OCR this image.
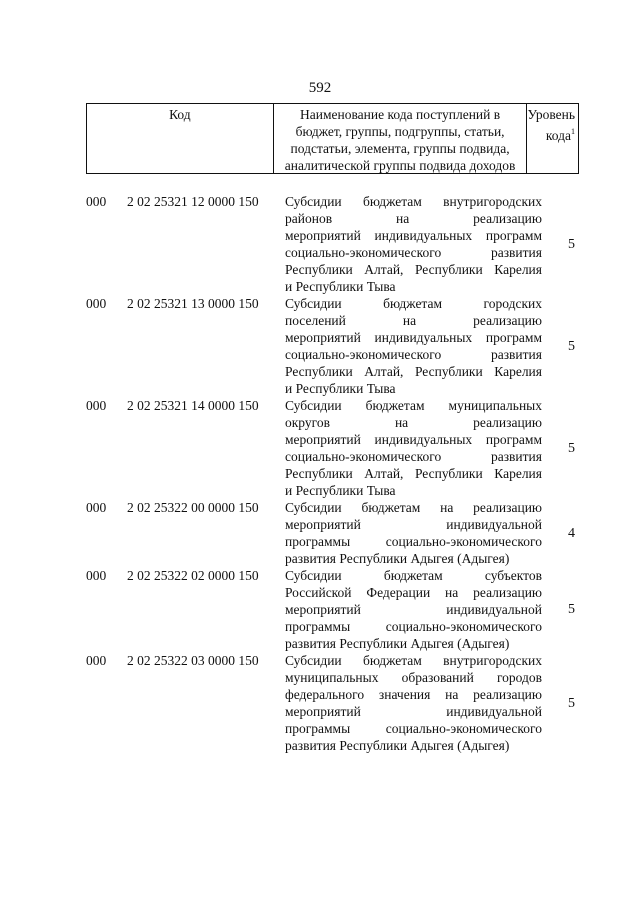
592
Код	Наименование кода поступлений в
бюджет, группы, подгруппы, статьи,
подстатьи, элемента, группы подвида,
аналитической группы подвида доходов
Уровень
кода$^1$
000	2 02 25321 12 0000 150	Субсидии бюджетам внутригородских
районов на реализацию
мероприятий индивидуальных программ
социально-экономического развития
Республики Алтай, Республики Карелия
и Республики Тыва
5
000	2 02 25321 13 0000 150	Субсидии бюджетам городских
поселений на реализацию
мероприятий индивидуальных программ
социально-экономического развития
Республики Алтай, Республики Карелия
и Республики Тыва
5
000	2 02 25321 14 0000 150	Субсидии бюджетам муниципальных
округов на реализацию
мероприятий индивидуальных программ
социально-экономического развития
Республики Алтай, Республики Карелия
и Республики Тыва
5
000	2 02 25322 00 0000 150	Субсидии бюджетам на реализацию
мероприятий индивидуальной
программы социально-экономического
развития Республики Адыгея (Адыгея)
4
000	2 02 25322 02 0000 150	Субсидии бюджетам субъектов
Российской Федерации на реализацию
мероприятий индивидуальной
программы социально-экономического
развития Республики Адыгея (Адыгея)
5
000	2 02 25322 03 0000 150	Субсидии бюджетам внутригородских
муниципальных образований городов
федерального значения на реализацию
мероприятий индивидуальной
программы социально-экономического
развития Республики Адыгея (Адыгея)
5
